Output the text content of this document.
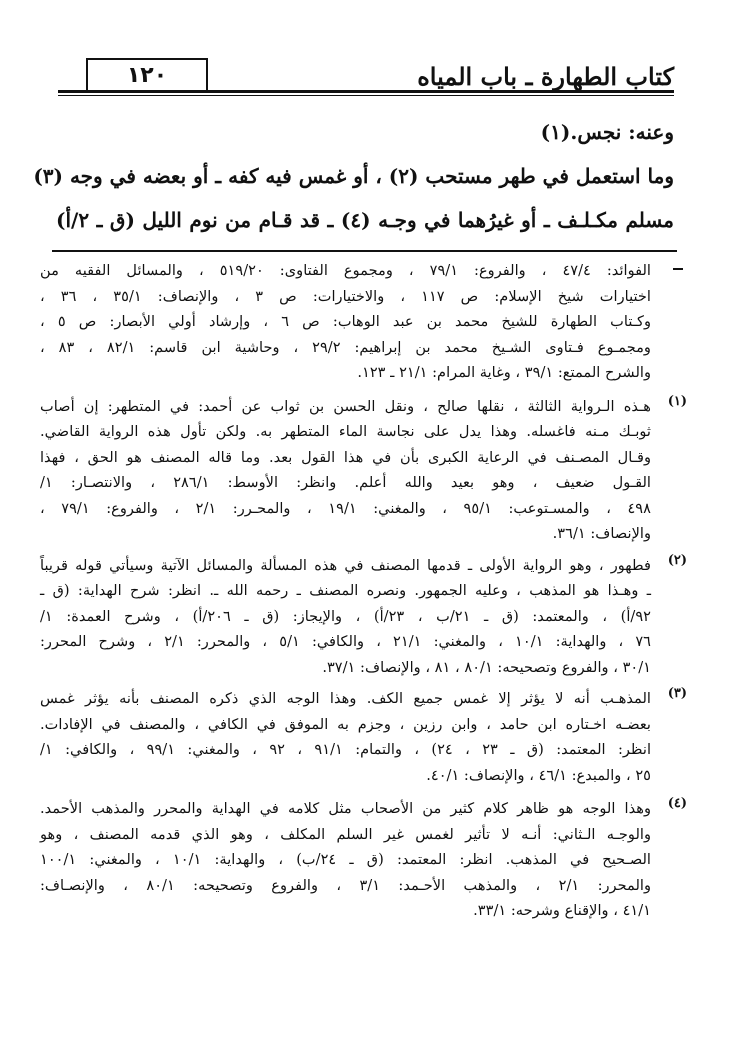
كتاب الطهارة ـ باب المياه
١٢٠
وعنه: نجس.(١)
وما استعمل في طهر مستحب (٢) ، أو غمس فيه كفه ـ أو بعضه في وجه (٣)
مسلم مكـلـف ـ أو غيرُهما في وجـه (٤) ـ قد قـام من نوم الليل (ق ـ ٢/أ)
الفوائد: ٤٧/٤ ، والفروع: ٧٩/١ ، ومجموع الفتاوى: ٥١٩/٢٠ ، والمسائل الفقيه من
اختيارات شيخ الإسلام: ص ١١٧ ، والاختيارات: ص ٣ ، والإنصاف: ٣٥/١ ، ٣٦ ،
وكـتاب الطهارة للشيخ محمد بن عبد الوهاب: ص ٦ ، وإرشاد أولي الأبصار: ص ٥ ،
ومجمـوع فـتاوى الشـيخ محمد بن إبراهيم: ٢٩/٢ ، وحاشية ابن قاسم: ٨٢/١ ، ٨٣ ،
والشرح الممتع: ٣٩/١ ، وغاية المرام: ٢١/١ ـ ١٢٣.
(١)
هـذه الـرواية الثالثة ، نقلها صالح ، ونقل الحسن بن ثواب عن أحمد: في المتطهر: إن أصاب
ثوبـك مـنه فاغسله. وهذا يدل على نجاسة الماء المتطهر به. ولكن تأول هذه الرواية القاضي.
وقـال المصـنف في الرعاية الكبرى بأن في هذا القول بعد. وما قاله المصنف هو الحق ، فهذا
القـول ضعيف ، وهو بعيد والله أعلم. وانظر: الأوسط: ٢٨٦/١ ، والانتصـار: ١/
٤٩٨ ، والمسـتوعب: ٩٥/١ ، والمغني: ١٩/١ ، والمحـرر: ٢/١ ، والفروع: ٧٩/١ ،
والإنصاف: ٣٦/١.
(٢)
فطهور ، وهو الرواية الأولى ـ قدمها المصنف في هذه المسألة والمسائل الآتية وسيأتي قوله قريباً
ـ وهـذا هو المذهب ، وعليه الجمهور. ونصره المصنف ـ رحمه الله ـ. انظر: شرح الهداية: (ق ـ
٩٢/أ) ، والمعتمد: (ق ـ ٢١/ب ، ٢٣/أ) ، والإيجاز: (ق ـ ٢٠٦/أ) ، وشرح العمدة: ١/
٧٦ ، والهداية: ١٠/١ ، والمغني: ٢١/١ ، والكافي: ٥/١ ، والمحرر: ٢/١ ، وشرح المحرر:
٣٠/١ ، والفروع وتصحيحه: ٨٠/١ ، ٨١ ، والإنصاف: ٣٧/١.
(٣)
المذهـب أنه لا يؤثر إلا غمس جميع الكف. وهذا الوجه الذي ذكره المصنف بأنه يؤثر غمس
بعضـه اخـتاره ابن حامد ، وابن رزين ، وجزم به الموفق في الكافي ، والمصنف في الإفادات.
انظر: المعتمد: (ق ـ ٢٣ ، ٢٤) ، والتمام: ٩١/١ ، ٩٢ ، والمغني: ٩٩/١ ، والكافي: ١/
٢٥ ، والمبدع: ٤٦/١ ، والإنصاف: ٤٠/١.
(٤)
وهذا الوجه هو ظاهر كلام كثير من الأصحاب مثل كلامه في الهداية والمحرر والمذهب الأحمد.
والوجـه الـثاني: أنـه لا تأثير لغمس غير السلم المكلف ، وهو الذي قدمه المصنف ، وهو
الصـحيح في المذهب. انظر: المعتمد: (ق ـ ٢٤/ب) ، والهداية: ١٠/١ ، والمغني: ١٠٠/١
والمحرر: ٢/١ ، والمذهب الأحـمد: ٣/١ ، والفروع وتصحيحه: ٨٠/١ ، والإنصـاف:
٤١/١ ، والإقناع وشرحه: ٣٣/١.
